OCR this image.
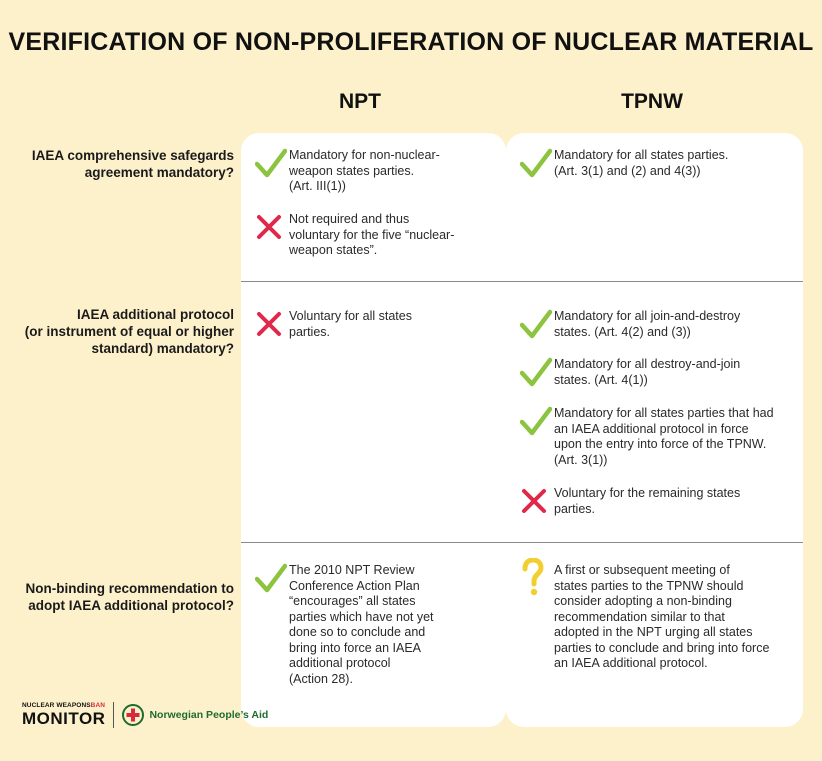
VERIFICATION OF NON-PROLIFERATION OF NUCLEAR MATERIAL
NPT	TPNW
IAEA comprehensive safegards
agreement mandatory?
IAEA additional protocol
(or instrument of equal or higher
standard) mandatory?
Non-binding recommendation to
adopt IAEA additional protocol?
Mandatory for non-nuclear-
weapon states parties.
(Art. III(1))
Not required and thus
voluntary for the five “nuclear-
weapon states”.
Voluntary for all states
parties.
The 2010 NPT Review
Conference Action Plan
“encourages” all states
parties which have not yet
done so to conclude and
bring into force an IAEA
additional protocol
(Action 28).
Mandatory for all states parties.
(Art. 3(1) and (2) and 4(3))
Mandatory for all join-and-destroy
states. (Art. 4(2) and (3))
Mandatory for all destroy-and-join
states. (Art. 4(1))
Mandatory for all states parties that had
an IAEA additional protocol in force
upon the entry into force of the TPNW.
(Art. 3(1))
Voluntary for the remaining states
parties.
A first or subsequent meeting of
states parties to the TPNW should
consider adopting a non-binding
recommendation similar to that
adopted in the NPT urging all states
parties to conclude and bring into force
an IAEA additional protocol.
NUCLEAR WEAPONSBAN
MONITOR	Norwegian People’s Aid
